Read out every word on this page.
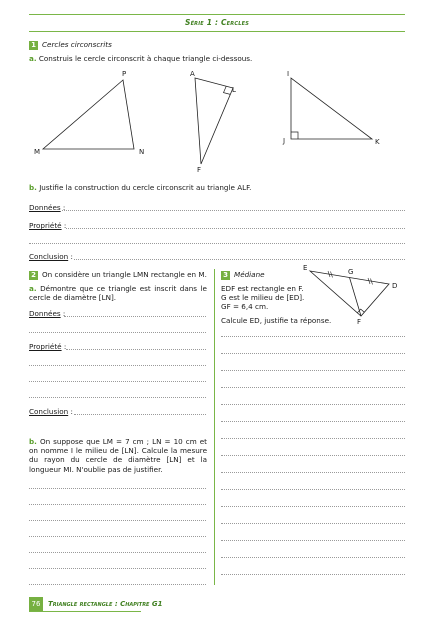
Série 1 : Cercles
1 Cercles circonscrits
a. Construis le cercle circonscrit à chaque triangle ci-dessous.
P
M	N
A
L
F
I
J	K
b. Justifie la construction du cercle circonscrit au triangle ALF.
Données :
Propriété :
Conclusion :
2 On considère un triangle LMN rectangle en M.
a. Démontre que ce triangle est inscrit dans le cercle de diamètre [LN].
Données :
Propriété :
Conclusion :
b. On suppose que LM = 7 cm ; LN = 10 cm et on nomme I le milieu de [LN]. Calcule la mesure du rayon du cercle de diamètre [LN] et la longueur MI. N'oublie pas de justifier.
3 Médiane
EDF est rectangle en F.
G est le milieu de [ED].
GF = 6,4 cm.
Calcule ED, justifie ta réponse.
E	G
D
F
76	Triangle rectangle : Chapitre G1
